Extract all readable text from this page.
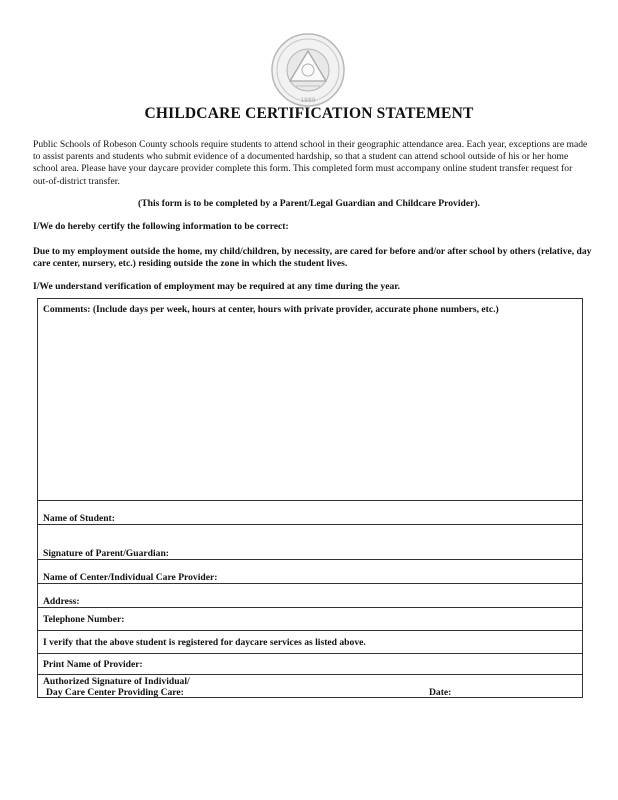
1989
CHILDCARE CERTIFICATION STATEMENT
Public Schools of Robeson County schools require students to attend school in their geographic attendance area. Each year, exceptions are made to assist parents and students who submit evidence of a documented hardship, so that a student can attend school outside of his or her home school area. Please have your daycare provider complete this form. This completed form must accompany online student transfer request for out-of-district transfer.
(This form is to be completed by a Parent/Legal Guardian and Childcare Provider).
I/We do hereby certify the following information to be correct:
Due to my employment outside the home, my child/children, by necessity, are cared for before and/or after school by others (relative, day care center, nursery, etc.) residing outside the zone in which the student lives.
I/We understand verification of employment may be required at any time during the year.
Comments: (Include days per week, hours at center, hours with private provider, accurate phone numbers, etc.)
Name of Student:
Signature of Parent/Guardian:
Name of Center/Individual Care Provider:
Address:
Telephone Number:
I verify that the above student is registered for daycare services as listed above.
Print Name of Provider:
Authorized Signature of Individual/
Day Care Center Providing Care:	Date:
